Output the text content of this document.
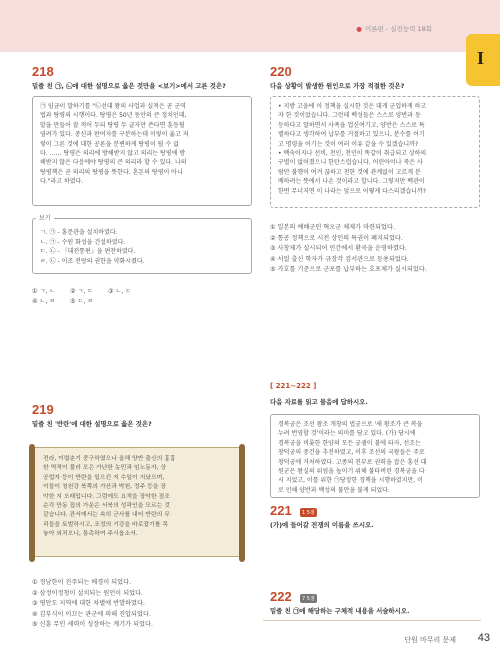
● 이론편 - 실전능력 18회
I
218
밑줄 친 ㉠, ㉡에 대한 설명으로 옳은 것만을 <보기>에서 고른 것은?
㉠ 임금이 말하기를 "㉡선대 왕의 사업과 실적은 곧 군역
법과 탕평의 시행이다. 탕평은 50년 동안의 큰 정치인데,
말을 만들어 잘 적어 두되 탕평 두 글자만 쓴다면 훈동될
염려가 있다. 중신과 판여자를 구분하는데 이렇이 옳고 저
렇이 그른 것에 대한 공론을 분변하게 탕평이 될 수 없
다. …… 탕평은 의리에 방해받지 않고 의리는 탕평에 방
해받지 않은 다음에야 탕평의 큰 의리라 할 수 있다. 나의
탕평책은 곧 의리의 탕평을 뜻한다. 혼돈의 탕평이 아니
다."라고 하였다.
보기
ㄱ. ㉠ - 홍문관을 설치하였다.
ㄴ. ㉠ - 수원 화성을 건설하였다.
ㄷ. ㉡ - 『대전통편』을 편찬하였다.
ㄹ. ㉡ - 이조 전랑의 권한을 약화시켰다.
① ㄱ, ㄴ	② ㄱ, ㄷ	③ ㄴ, ㄷ
④ ㄴ, ㄹ	⑤ ㄷ, ㄹ
219
밑줄 친 '반란'에 대한 설명으로 옳은 것은?
전라, 이렵춘기 중구하였으나 올해 양반 출신의 흉흉
한 역적이 불러 모은 가난한 농민과 임노동자, 상
공업자 등이 반란을 일으킨 지 수일이 지났으며,
이들이 청천강 북쪽의 가산과 박천, 정주 등을 장
악한 지 오래입니다. 그럼에도 요적을 장악한 점조
순각 만동 집의 가운은 서북의 성곽인을 모르는 것
같습니다. 관서에서는 속히 군사를 내어 반란의 무
리들을 토벌하시고, 조정의 기강을 바로잡기를 목
놓아 외치오니, 통촉하여 주시옵소서.
① 정남한이 진주되는 배경이 되었다.
② 삼정이정청이 설치되는 원인이 되었다.
③ 평안도 지역에 대한 차별에 반발하였다.
④ 김부식이 이끄는 관군에 의해 진압되었다.
⑤ 신흥 무인 세력이 성장하는 계기가 되었다.
220
다음 상황이 발생한 원인으로 가장 적절한 것은?
• 지방 고을에 이 정책을 실시한 것은 대개 군입하게 하고
자 한 것이었습니다. 그런데 백성들은 스스로 양반과 동
등하다고 말하면서 사족을 업신여기고, 양반은 스스로 특
별하다고 생각하여 납부를 거절하고 있으니, 분수를 어기
고 명령을 어기는 것이 여러 이유 같을 수 있겠습니까?
• 백숙이지나 선비, 천인, 천민이 똑같이 취급되고 상하의
구별이 없어졌으니 한탄스럽습니다. 어린아이나 죽은 사
람만 불행이 여겨 끊하고 천한 것에 관계없이 고르게 분
배하려는 뜻에서 나온 것이라고 합니다. 그렇지만 백관이
한번 무너지면 이 나라는 앞으로 어떻게 다스리겠습니까?
① 일본의 예배군인 혁오군 체제가 마련되었다.
② 통공 정책으로 시전 상인의 특권이 폐지되었다.
③ 사창제가 실시되어 민간에서 환곡을 운영하였다.
④ 서얼 출신 학자가 규장각 검서관으로 등용되었다.
⑤ 가호를 기준으로 군포를 납부하는 호포제가 실시되었다.
[ 221~222 ]
다음 자료를 읽고 물음에 답하시오.
경복궁은 조선 왕조 개창의 법궁으로 '새 왕조가 큰 복을
누려 번영할 것'이라는 의미를 담고 있다. (가) 당시에
경복궁을 비롯한 한양의 모든 궁궐이 불에 타자, 선조는
창덕궁의 중건을 추진하였고, 이후 조선의 국왕들은 주로
창덕궁에 거처하였다. 고종의 친부로 권력을 잡은 흥선 대
원군은 왕실의 위엄을 높이기 위해 불타버린 경복궁을 다
시 지었고, 이를 위한 ㉠당장한 정책을 시행하였지만, 이
로 인해 양반과 백성의 불만을 불게 되었다.
221	1 5점
(가)에 들어갈 전쟁의 이름을 쓰시오.
222	7 5점
밑줄 친 ㉠에 해당하는 구체적 내용을 서술하시오.
단원 마무리 문제 43
